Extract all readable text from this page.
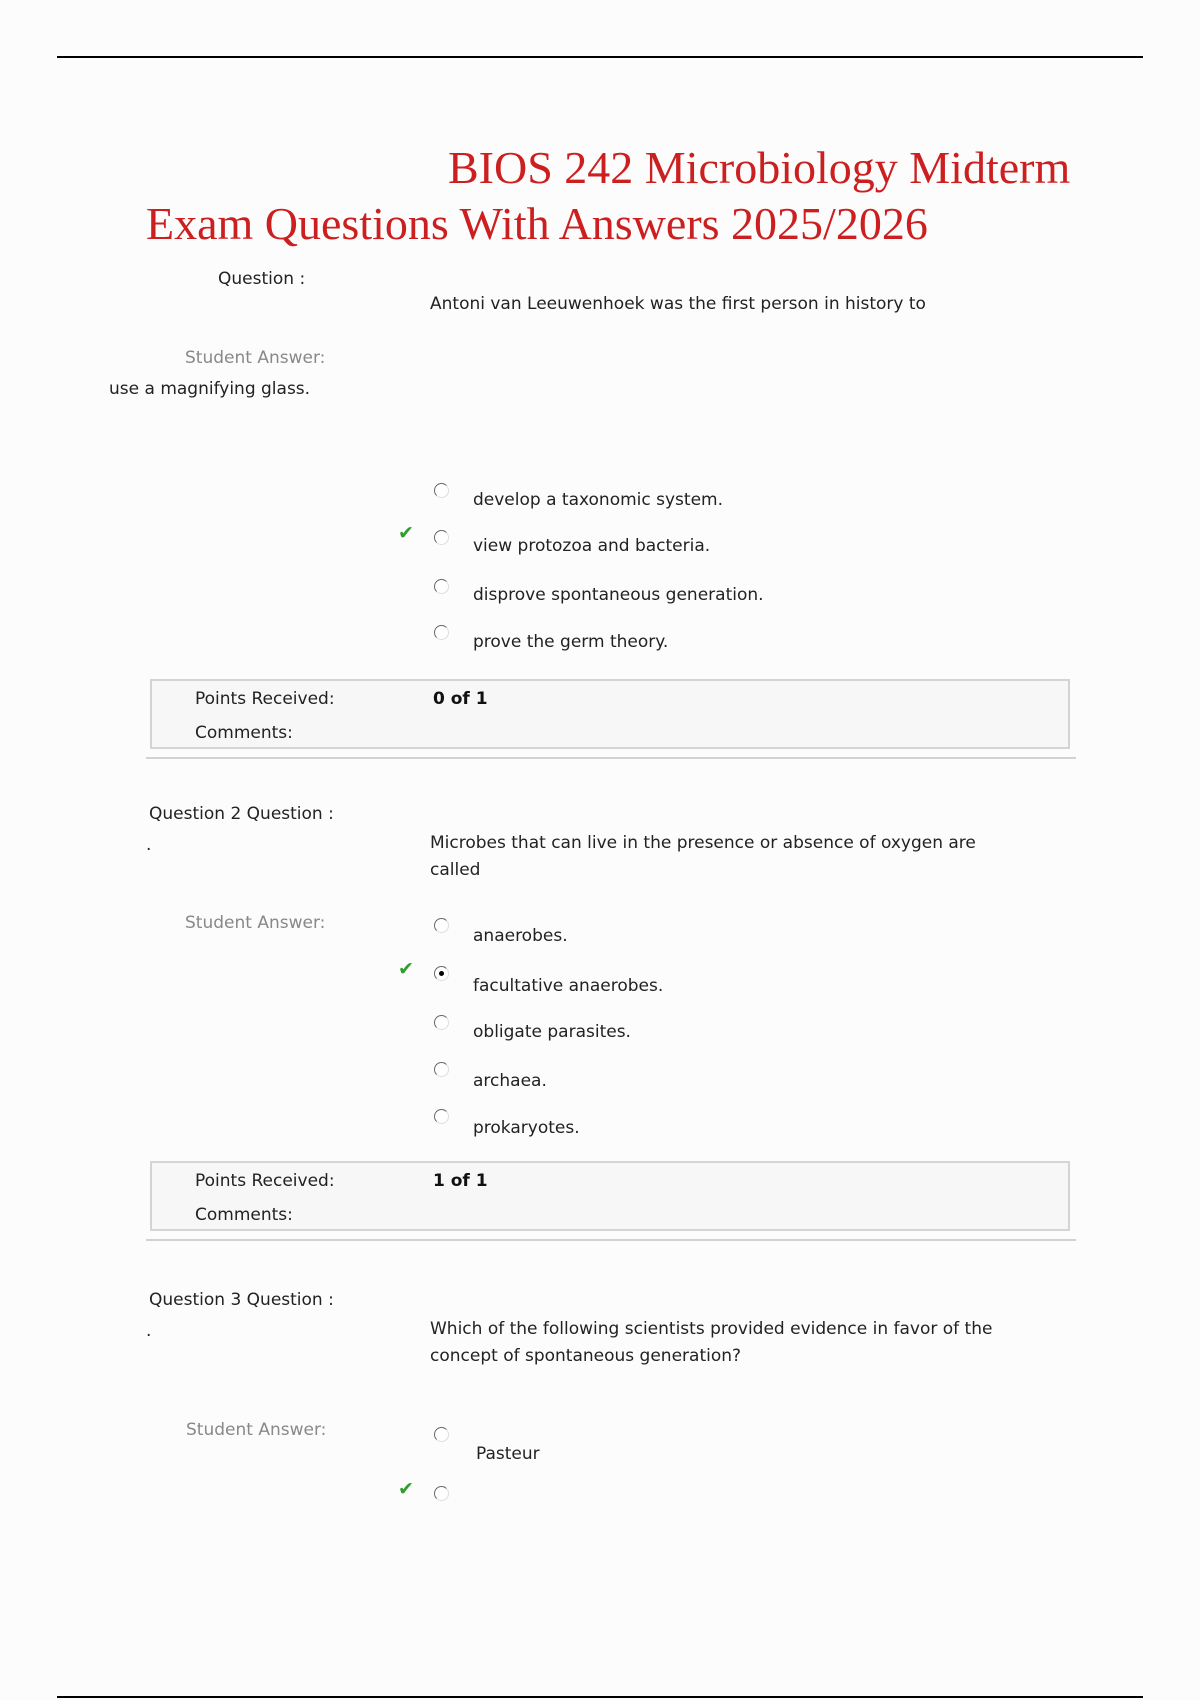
BIOS 242 Microbiology Midterm
Exam Questions With Answers 2025/2026
Question :
Antoni van Leeuwenhoek was the first person in history to
Student Answer:
use a magnifying glass.
develop a taxonomic system.
✔
view protozoa and bacteria.
disprove spontaneous generation.
prove the germ theory.
Points Received:	0 of 1
Comments:
Question 2 Question :
.	Microbes that can live in the presence or absence of oxygen are called
Student Answer:
anaerobes.
✔
facultative anaerobes.
obligate parasites.
archaea.
prokaryotes.
Points Received:	1 of 1
Comments:
Question 3 Question :
.	Which of the following scientists provided evidence in favor of the concept of spontaneous generation?
Student Answer:
Pasteur
✔
